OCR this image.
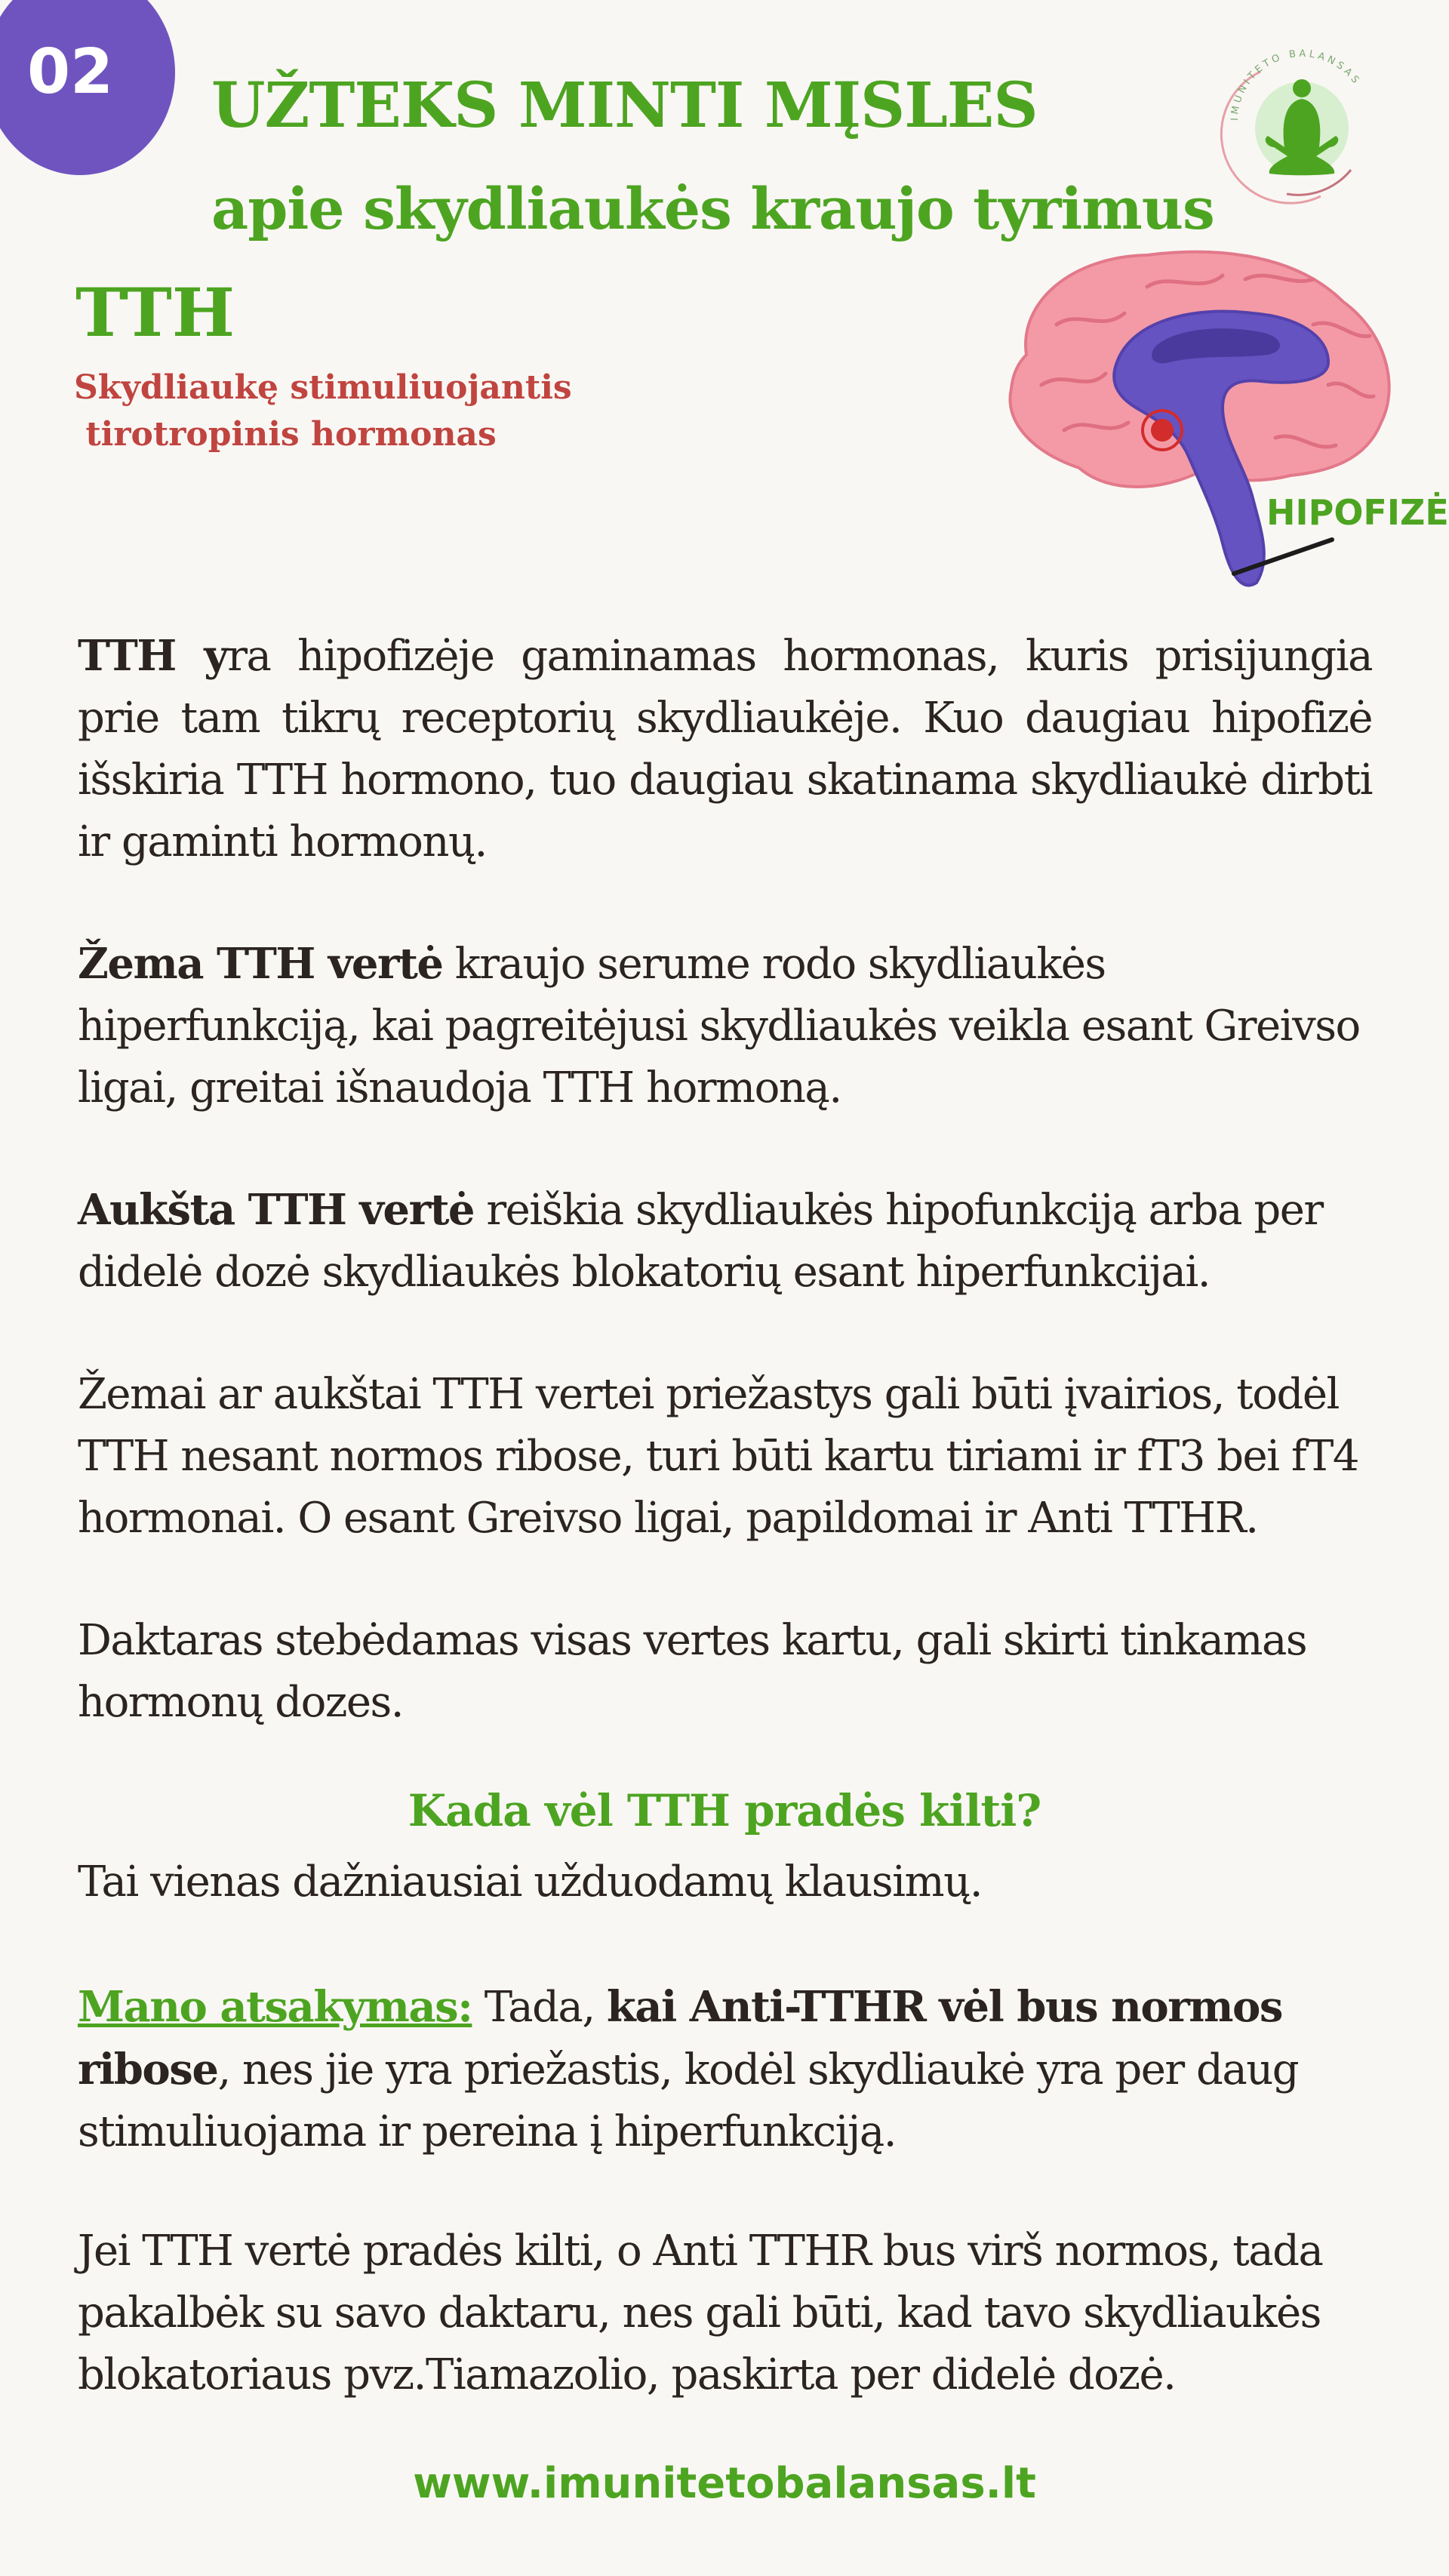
02 UŽTEKS MINTI MĮSLES
apie skydliaukės kraujo tyrimus
IMUNITETO BALANSAS
TTH
Skydliaukę stimuliuojantis
tirotropinis hormonas
HIPOFIZĖ
TTH yra hipofizėje gaminamas hormonas, kuris prisijungia prie tam tikrų receptorių skydliaukėje. Kuo daugiau hipofizė išskiria TTH hormono, tuo daugiau skatinama skydliaukė dirbti ir gaminti hormonų.
Žema TTH vertė kraujo serume rodo skydliaukės hiperfunkciją, kai pagreitėjusi skydliaukės veikla esant Greivso ligai, greitai išnaudoja TTH hormoną.
Aukšta TTH vertė reiškia skydliaukės hipofunkciją arba per didelė dozė skydliaukės blokatorių esant hiperfunkcijai.
Žemai ar aukštai TTH vertei priežastys gali būti įvairios, todėl TTH nesant normos ribose, turi būti kartu tiriami ir fT3 bei fT4 hormonai. O esant Greivso ligai, papildomai ir Anti TTHR.
Daktaras stebėdamas visas vertes kartu, gali skirti tinkamas hormonų dozes.
Kada vėl TTH pradės kilti?
Tai vienas dažniausiai užduodamų klausimų.
Mano atsakymas: Tada, kai Anti-TTHR vėl bus normos ribose, nes jie yra priežastis, kodėl skydliaukė yra per daug stimuliuojama ir pereina į hiperfunkciją.
Jei TTH vertė pradės kilti, o Anti TTHR bus virš normos, tada pakalbėk su savo daktaru, nes gali būti, kad tavo skydliaukės blokatoriaus pvz.Tiamazolio, paskirta per didelė dozė.
www.imunitetobalansas.lt
